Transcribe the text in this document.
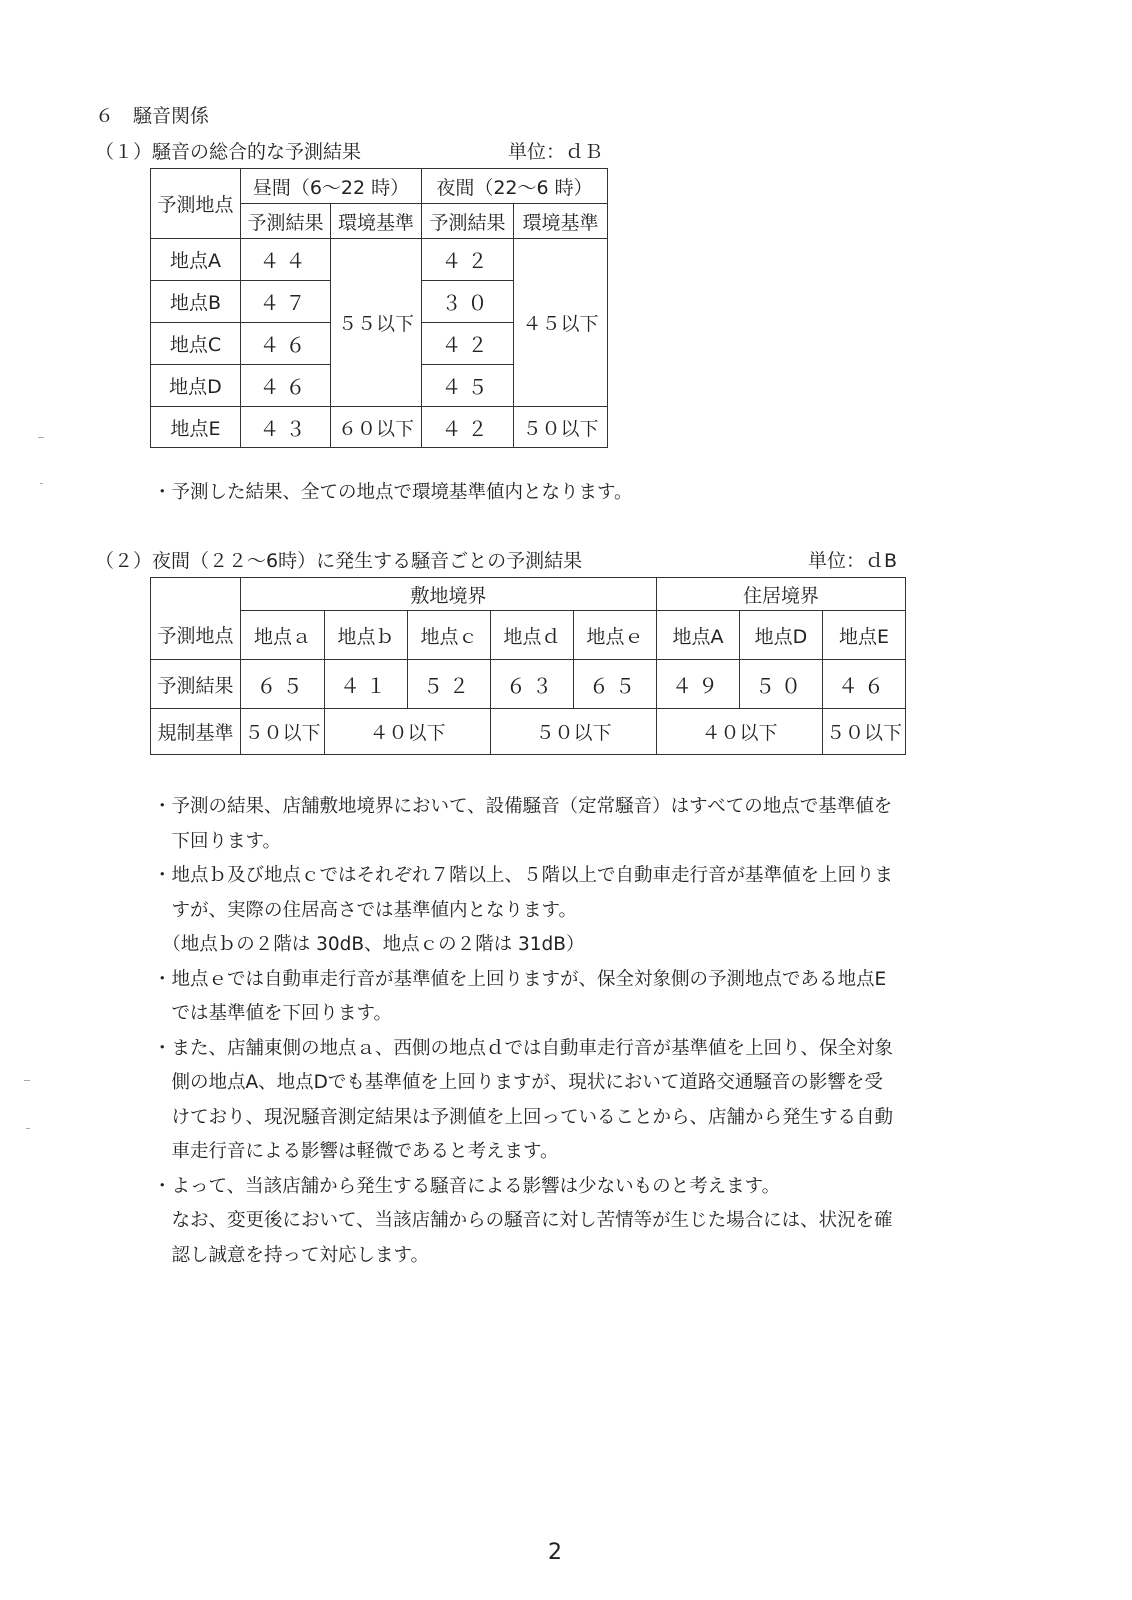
６　騒音関係
（１）騒音の総合的な予測結果	単位：ｄＢ
予測地点	昼間（6～22 時）		夜間（22～6 時）	
	予測結果	環境基準	予測結果	環境基準
地点A	４４	５５以下	４２	４５以下
地点B	４７		３０	
地点C	４６		４２	
地点D	４６		４５	
地点E	４３	６０以下	４２	５０以下
・予測した結果、全ての地点で環境基準値内となります。
（２）夜間（２２～6時）に発生する騒音ごとの予測結果	単位：ｄB
	敷地境界					住居境界		
予測地点	地点ａ	地点ｂ	地点ｃ	地点ｄ	地点ｅ	地点A	地点D	地点E
予測結果	６５	４１	５２	６３	６５	４９	５０	４６
規制基準	５０以下	４０以下		５０以下		４０以下		５０以下
・予測の結果、店舗敷地境界において、設備騒音（定常騒音）はすべての地点で基準値を
　下回ります。
・地点ｂ及び地点ｃではそれぞれ７階以上、５階以上で自動車走行音が基準値を上回りま
　すが、実際の住居高さでは基準値内となります。
　（地点ｂの２階は 30dB、地点ｃの２階は 31dB）
・地点ｅでは自動車走行音が基準値を上回りますが、保全対象側の予測地点である地点E
　では基準値を下回ります。
・また、店舗東側の地点ａ、西側の地点ｄでは自動車走行音が基準値を上回り、保全対象
　側の地点A、地点Dでも基準値を上回りますが、現状において道路交通騒音の影響を受
　けており、現況騒音測定結果は予測値を上回っていることから、店舗から発生する自動
　車走行音による影響は軽微であると考えます。
・よって、当該店舗から発生する騒音による影響は少ないものと考えます。
　なお、変更後において、当該店舗からの騒音に対し苦情等が生じた場合には、状況を確
　認し誠意を持って対応します。
2
